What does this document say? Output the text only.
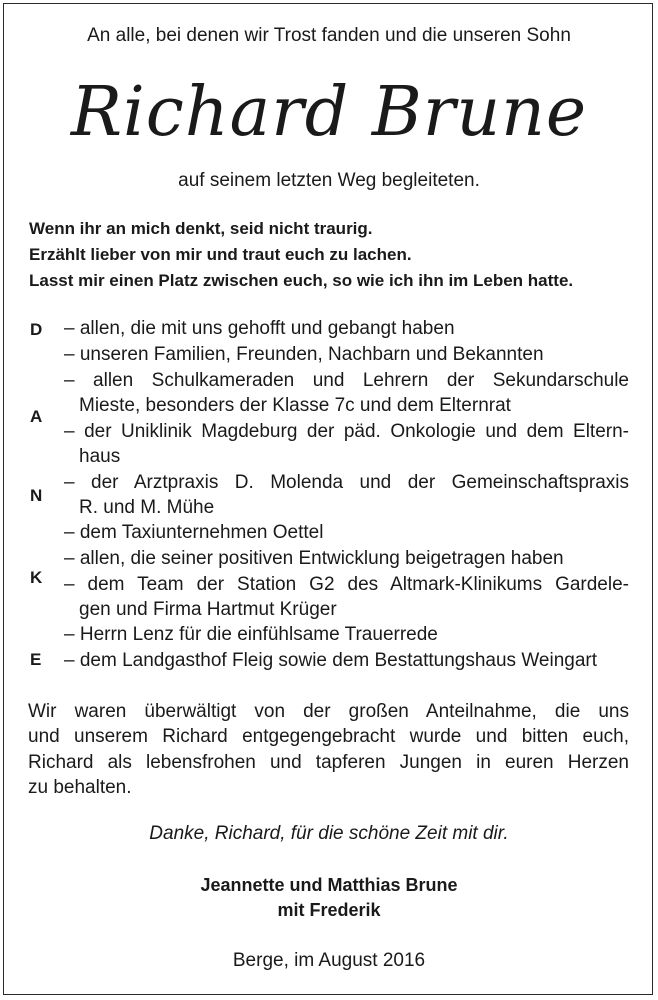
An alle, bei denen wir Trost fanden und die unseren Sohn
Richard Brune
auf seinem letzten Weg begleiteten.
Wenn ihr an mich denkt, seid nicht traurig.
Erzählt lieber von mir und traut euch zu lachen.
Lasst mir einen Platz zwischen euch, so wie ich ihn im Leben hatte.
D
A
N
K
E
– allen, die mit uns gehofft und gebangt haben
– unseren Familien, Freunden, Nachbarn und Bekannten
– allen Schulkameraden und Lehrern der Sekundarschule
Mieste, besonders der Klasse 7c und dem Elternrat
– der Uniklinik Magdeburg der päd. Onkologie und dem Eltern-
haus
– der Arztpraxis D. Molenda und der Gemeinschaftspraxis
R. und M. Mühe
– dem Taxiunternehmen Oettel
– allen, die seiner positiven Entwicklung beigetragen haben
– dem Team der Station G2 des Altmark-Klinikums Gardele-
gen und Firma Hartmut Krüger
– Herrn Lenz für die einfühlsame Trauerrede
– dem Landgasthof Fleig sowie dem Bestattungshaus Weingart
Wir waren überwältigt von der großen Anteilnahme, die uns
und unserem Richard entgegengebracht wurde und bitten euch,
Richard als lebensfrohen und tapferen Jungen in euren Herzen
zu behalten.
Danke, Richard, für die schöne Zeit mit dir.
Jeannette und Matthias Brune
mit Frederik
Berge, im August 2016
